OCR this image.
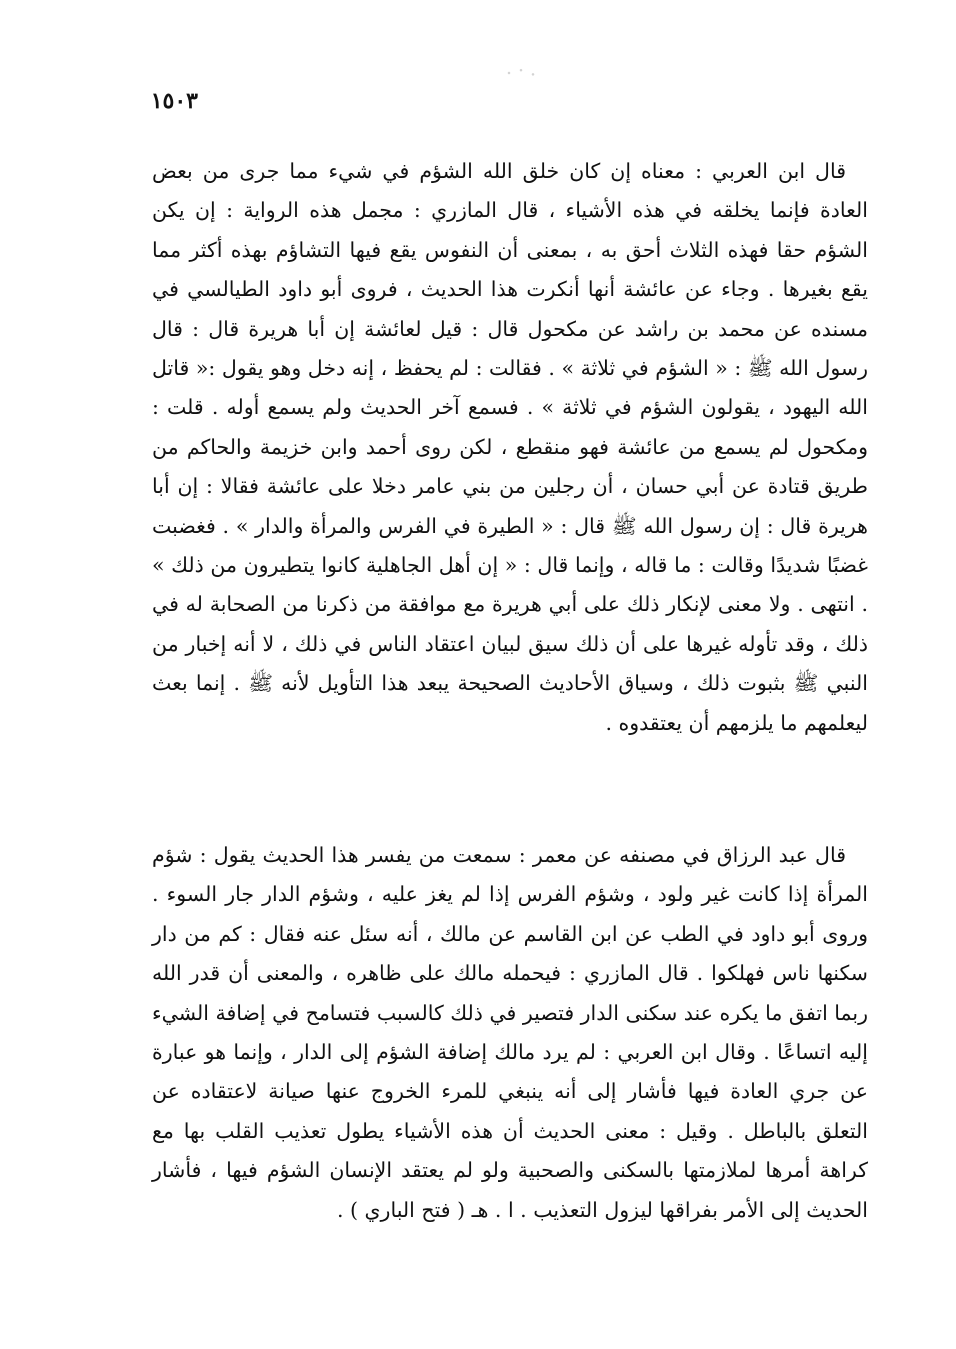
١٥٠٣

قال ابن العربي : معناه إن كان خلق الله الشؤم في شيء مما جرى من بعض العادة فإنما يخلقه في هذه الأشياء ، قال المازري : مجمل هذه الرواية : إن يكن الشؤم حقا فهذه الثلاث أحق به ، بمعنى أن النفوس يقع فيها التشاؤم بهذه أكثر مما يقع بغيرها . وجاء عن عائشة أنها أنكرت هذا الحديث ، فروى أبو داود الطيالسي في مسنده عن محمد بن راشد عن مكحول قال : قيل لعائشة إن أبا هريرة قال : قال رسول الله ﷺ : « الشؤم في ثلاثة » . فقالت : لم يحفظ ، إنه دخل وهو يقول :« قاتل الله اليهود ، يقولون الشؤم في ثلاثة » . فسمع آخر الحديث ولم يسمع أوله . قلت : ومكحول لم يسمع من عائشة فهو منقطع ، لكن روى أحمد وابن خزيمة والحاكم من طريق قتادة عن أبي حسان ، أن رجلين من بني عامر دخلا على عائشة فقالا : إن أبا هريرة قال : إن رسول الله ﷺ قال : « الطيرة في الفرس والمرأة والدار » . فغضبت غضبًا شديدًا وقالت : ما قاله ، وإنما قال : « إن أهل الجاهلية كانوا يتطيرون من ذلك » . انتهى . ولا معنى لإنكار ذلك على أبي هريرة مع موافقة من ذكرنا من الصحابة له في ذلك ، وقد تأوله غيرها على أن ذلك سيق لبيان اعتقاد الناس في ذلك ، لا أنه إخبار من النبي ﷺ بثبوت ذلك ، وسياق الأحاديث الصحيحة يبعد هذا التأويل لأنه ﷺ . إنما بعث ليعلمهم ما يلزمهم أن يعتقدوه .

قال عبد الرزاق في مصنفه عن معمر : سمعت من يفسر هذا الحديث يقول : شؤم المرأة إذا كانت غير ولود ، وشؤم الفرس إذا لم يغز عليه ، وشؤم الدار جار السوء . وروى أبو داود في الطب عن ابن القاسم عن مالك ، أنه سئل عنه فقال : كم من دار سكنها ناس فهلكوا . قال المازري : فيحمله مالك على ظاهره ، والمعنى أن قدر الله ربما اتفق ما يكره عند سكنى الدار فتصير في ذلك كالسبب فتسامح في إضافة الشيء إليه اتساعًا . وقال ابن العربي : لم يرد مالك إضافة الشؤم إلى الدار ، وإنما هو عبارة عن جري العادة فيها فأشار إلى أنه ينبغي للمرء الخروج عنها صيانة لاعتقاده عن التعلق بالباطل . وقيل : معنى الحديث أن هذه الأشياء يطول تعذيب القلب بها مع كراهة أمرها لملازمتها بالسكنى والصحبية ولو لم يعتقد الإنسان الشؤم فيها ، فأشار الحديث إلى الأمر بفراقها ليزول التعذيب . ا . هـ ( فتح الباري ) .
